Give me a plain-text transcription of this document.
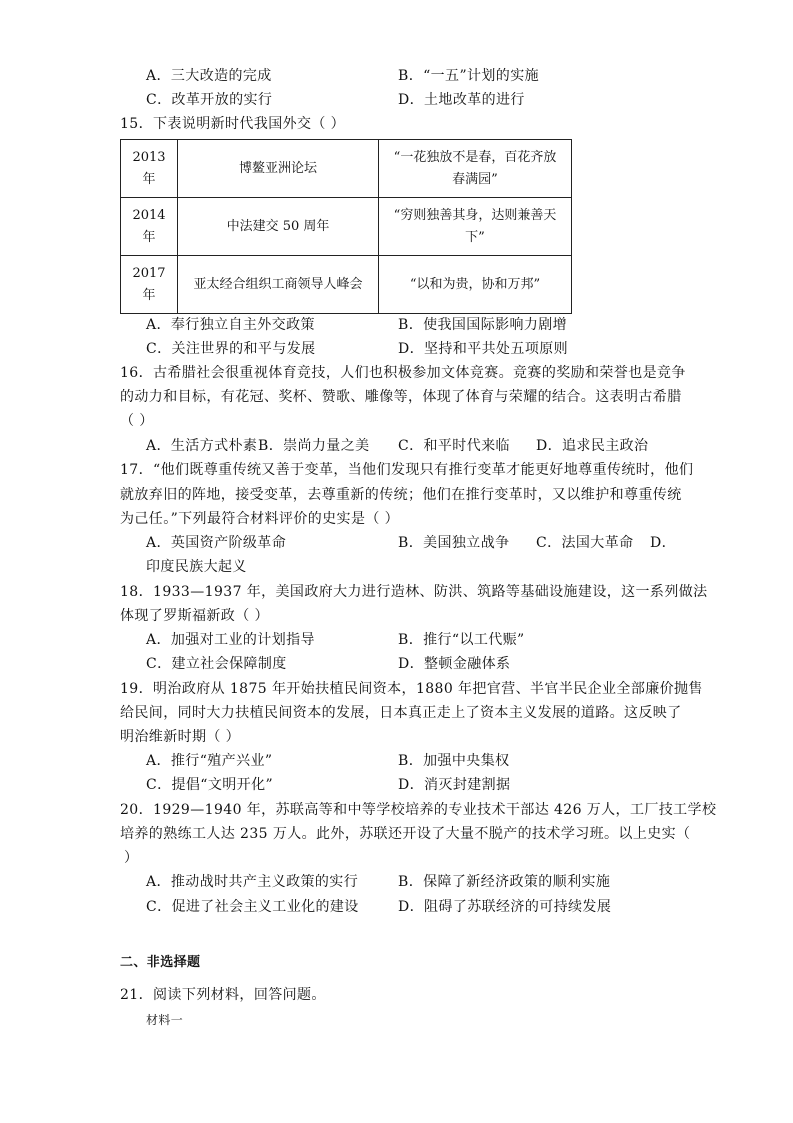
A．三大改造的完成	B．“一五”计划的实施
C．改革开放的实行	D．土地改革的进行
15．下表说明新时代我国外交（ ）
2013
年	博鳌亚洲论坛	“一花独放不是春，百花齐放
春满园”
2014
年	中法建交 50 周年	“穷则独善其身，达则兼善天
下”
2017
年	亚太经合组织工商领导人峰会	“以和为贵，协和万邦”
A．奉行独立自主外交政策	B．使我国国际影响力剧增
C．关注世界的和平与发展	D．坚持和平共处五项原则
16．古希腊社会很重视体育竞技，人们也积极参加文体竞赛。竞赛的奖励和荣誉也是竞争
的动力和目标，有花冠、奖杯、赞歌、雕像等，体现了体育与荣耀的结合。这表明古希腊
（ ）
A．生活方式朴素 B．崇尚力量之美 C．和平时代来临 D．追求民主政治
17．“他们既尊重传统又善于变革，当他们发现只有推行变革才能更好地尊重传统时，他们
就放弃旧的阵地，接受变革，去尊重新的传统；他们在推行变革时，又以维护和尊重传统
为己任。”下列最符合材料评价的史实是（ ）
A．英国资产阶级革命	B．美国独立战争 C．法国大革命 D．
印度民族大起义
18．1933—1937 年，美国政府大力进行造林、防洪、筑路等基础设施建设，这一系列做法
体现了罗斯福新政（ ）
A．加强对工业的计划指导	B．推行“以工代赈”
C．建立社会保障制度	D．整顿金融体系
19．明治政府从 1875 年开始扶植民间资本，1880 年把官营、半官半民企业全部廉价抛售
给民间，同时大力扶植民间资本的发展，日本真正走上了资本主义发展的道路。这反映了
明治维新时期（ ）
A．推行“殖产兴业”	B．加强中央集权
C．提倡“文明开化”	D．消灭封建割据
20．1929—1940 年，苏联高等和中等学校培养的专业技术干部达 426 万人，工厂技工学校
培养的熟练工人达 235 万人。此外，苏联还开设了大量不脱产的技术学习班。以上史实（
）
A．推动战时共产主义政策的实行	B．保障了新经济政策的顺利实施
C．促进了社会主义工业化的建设	D．阻碍了苏联经济的可持续发展
二、非选择题
21．阅读下列材料，回答问题。
材料一
